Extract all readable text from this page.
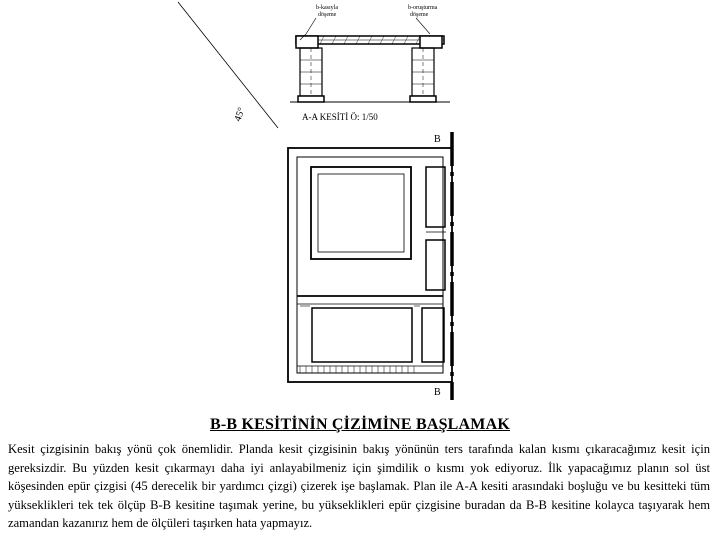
b-kasıyla
döşeme
b-oruşturma
döşeme
A-A KESİTİ Ö: 1/50
45°
B
B
B-B KESİTİNİN ÇİZİMİNE BAŞLAMAK

Kesit çizgisinin bakış yönü çok önemlidir. Planda kesit çizgisinin bakış yönünün ters tarafında kalan kısmı çıkaracağımız kesit için gereksizdir. Bu yüzden kesit çıkarmayı daha iyi anlayabilmeniz için şimdilik o kısmı yok ediyoruz. İlk yapacağımız planın sol üst köşesinden epür çizgisi (45 derecelik bir yardımcı çizgi) çizerek işe başlamak. Plan ile A-A kesiti arasındaki boşluğu ve bu kesitteki tüm yükseklikleri tek tek ölçüp B-B kesitine taşımak yerine, bu yükseklikleri epür çizgisine buradan da B-B kesitine kolayca taşıyarak hem zamandan kazanırız hem de ölçüleri taşırken hata yapmayız.
